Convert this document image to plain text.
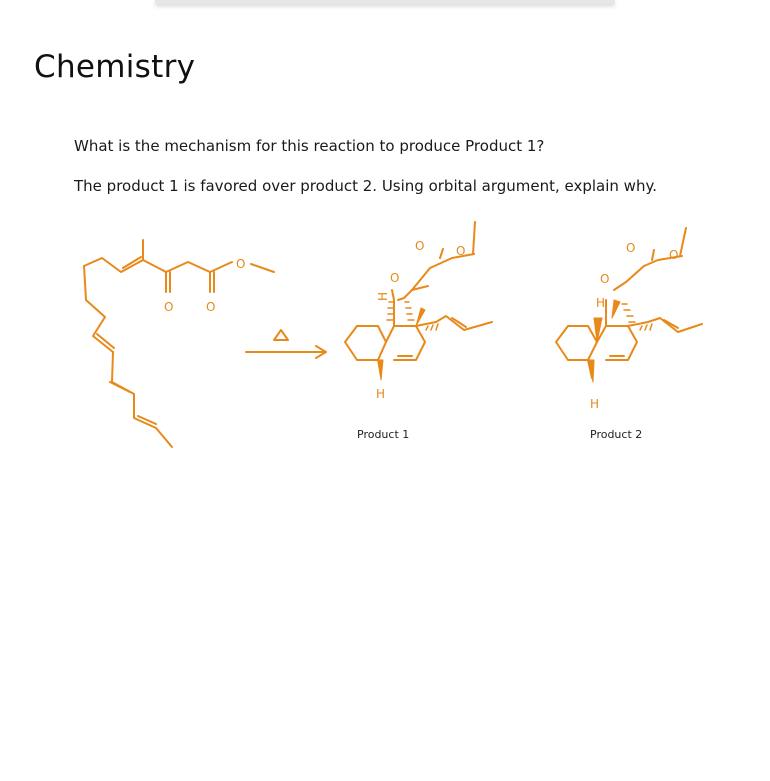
Chemistry

What is the mechanism for this reaction to produce Product 1?

The product 1 is favored over product 2. Using orbital argument, explain why.

O	O
O
O
O	O
H
H
O
O	O
H
H
Product 1	Product 2
